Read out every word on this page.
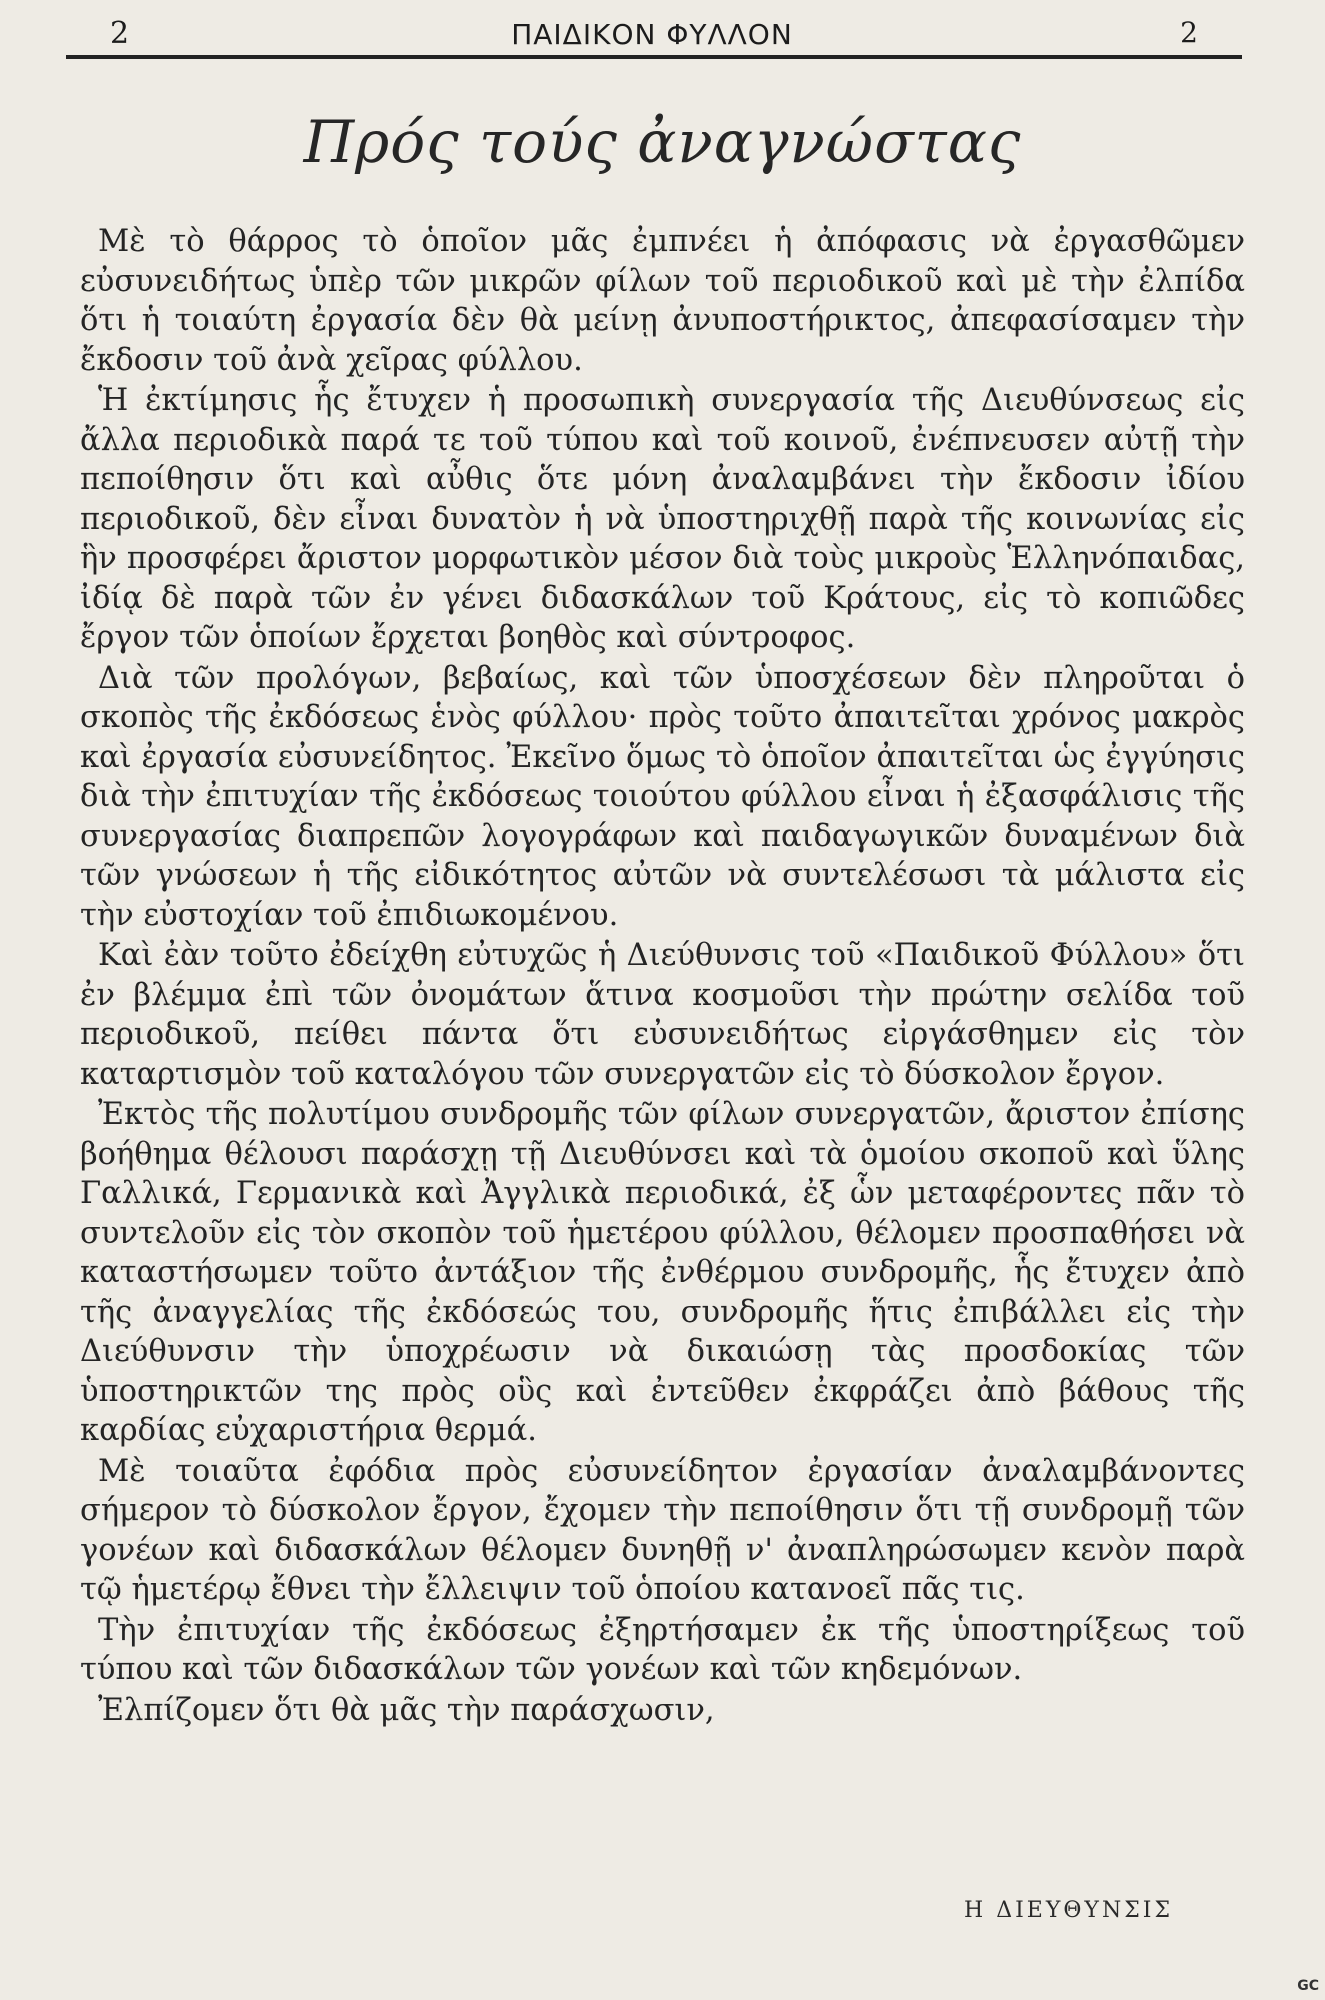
2	ΠΑΙΔΙΚΟΝ ΦΥΛΛΟΝ	2
Πρός τούς ἀναγνώστας

Μὲ τὸ θάρρος τὸ ὁποῖον μᾶς ἐμπνέει ἡ ἀπόφασις νὰ ἐργασθῶμεν εὐσυνειδήτως ὑπὲρ τῶν μικρῶν φίλων τοῦ περιοδικοῦ καὶ μὲ τὴν ἐλπίδα ὅτι ἡ τοιαύτη ἐργασία δὲν θὰ μείνῃ ἀνυποστήρικτος, ἀπεφασίσαμεν τὴν ἔκδοσιν τοῦ ἀνὰ χεῖρας φύλλου.

Ἡ ἐκτίμησις ἧς ἔτυχεν ἡ προσωπικὴ συνεργασία τῆς Διευθύνσεως εἰς ἄλλα περιοδικὰ παρά τε τοῦ τύπου καὶ τοῦ κοινοῦ, ἐνέπνευσεν αὐτῇ τὴν πεποίθησιν ὅτι καὶ αὖθις ὅτε μόνη ἀναλαμβάνει τὴν ἔκδοσιν ἰδίου περιοδικοῦ, δὲν εἶναι δυνατὸν ἡ νὰ ὑποστηριχθῇ παρὰ τῆς κοινωνίας εἰς ἣν προσφέρει ἄριστον μορφωτικὸν μέσον διὰ τοὺς μικροὺς Ἑλληνόπαιδας, ἰδίᾳ δὲ παρὰ τῶν ἐν γένει διδασκάλων τοῦ Κράτους, εἰς τὸ κοπιῶδες ἔργον τῶν ὁποίων ἔρχεται βοηθὸς καὶ σύντροφος.

Διὰ τῶν προλόγων, βεβαίως, καὶ τῶν ὑποσχέσεων δὲν πληροῦται ὁ σκοπὸς τῆς ἐκδόσεως ἑνὸς φύλλου· πρὸς τοῦτο ἀπαιτεῖται χρόνος μακρὸς καὶ ἐργασία εὐσυνείδητος. Ἐκεῖνο ὅμως τὸ ὁποῖον ἀπαιτεῖται ὡς ἐγγύησις διὰ τὴν ἐπιτυχίαν τῆς ἐκδόσεως τοιούτου φύλλου εἶναι ἡ ἐξασφάλισις τῆς συνεργασίας διαπρεπῶν λογογράφων καὶ παιδαγωγικῶν δυναμένων διὰ τῶν γνώσεων ἡ τῆς εἰδικότητος αὐτῶν νὰ συντελέσωσι τὰ μάλιστα εἰς τὴν εὐστοχίαν τοῦ ἐπιδιωκομένου.

Καὶ ἐὰν τοῦτο ἐδείχθη εὐτυχῶς ἡ Διεύθυνσις τοῦ «Παιδικοῦ Φύλλου» ὅτι ἐν βλέμμα ἐπὶ τῶν ὀνομάτων ἅτινα κοσμοῦσι τὴν πρώτην σελίδα τοῦ περιοδικοῦ, πείθει πάντα ὅτι εὐσυνειδήτως εἰργάσθημεν εἰς τὸν καταρτισμὸν τοῦ καταλόγου τῶν συνεργατῶν εἰς τὸ δύσκολον ἔργον.

Ἐκτὸς τῆς πολυτίμου συνδρομῆς τῶν φίλων συνεργατῶν, ἄριστον ἐπίσης βοήθημα θέλουσι παράσχῃ τῇ Διευθύνσει καὶ τὰ ὁμοίου σκοποῦ καὶ ὕλης Γαλλικά, Γερμανικὰ καὶ Ἀγγλικὰ περιοδικά, ἐξ ὧν μεταφέροντες πᾶν τὸ συντελοῦν εἰς τὸν σκοπὸν τοῦ ἡμετέρου φύλλου, θέλομεν προσπαθήσει νὰ καταστήσωμεν τοῦτο ἀντάξιον τῆς ἐνθέρμου συνδρομῆς, ἧς ἔτυχεν ἀπὸ τῆς ἀναγγελίας τῆς ἐκδόσεώς του, συνδρομῆς ἥτις ἐπιβάλλει εἰς τὴν Διεύθυνσιν τὴν ὑποχρέωσιν νὰ δικαιώσῃ τὰς προσδοκίας τῶν ὑποστηρικτῶν της πρὸς οὓς καὶ ἐντεῦθεν ἐκφράζει ἀπὸ βάθους τῆς καρδίας εὐχαριστήρια θερμά.

Μὲ τοιαῦτα ἐφόδια πρὸς εὐσυνείδητον ἐργασίαν ἀναλαμβάνοντες σήμερον τὸ δύσκολον ἔργον, ἔχομεν τὴν πεποίθησιν ὅτι τῇ συνδρομῇ τῶν γονέων καὶ διδασκάλων θέλομεν δυνηθῇ ν' ἀναπληρώσωμεν κενὸν παρὰ τῷ ἡμετέρῳ ἔθνει τὴν ἔλλειψιν τοῦ ὁποίου κατανοεῖ πᾶς τις.

Τὴν ἐπιτυχίαν τῆς ἐκδόσεως ἐξηρτήσαμεν ἐκ τῆς ὑποστηρίξεως τοῦ τύπου καὶ τῶν διδασκάλων τῶν γονέων καὶ τῶν κηδεμόνων.

Ἐλπίζομεν ὅτι θὰ μᾶς τὴν παράσχωσιν,

Η ΔΙΕΥΘΥΝΣΙΣ
GC
